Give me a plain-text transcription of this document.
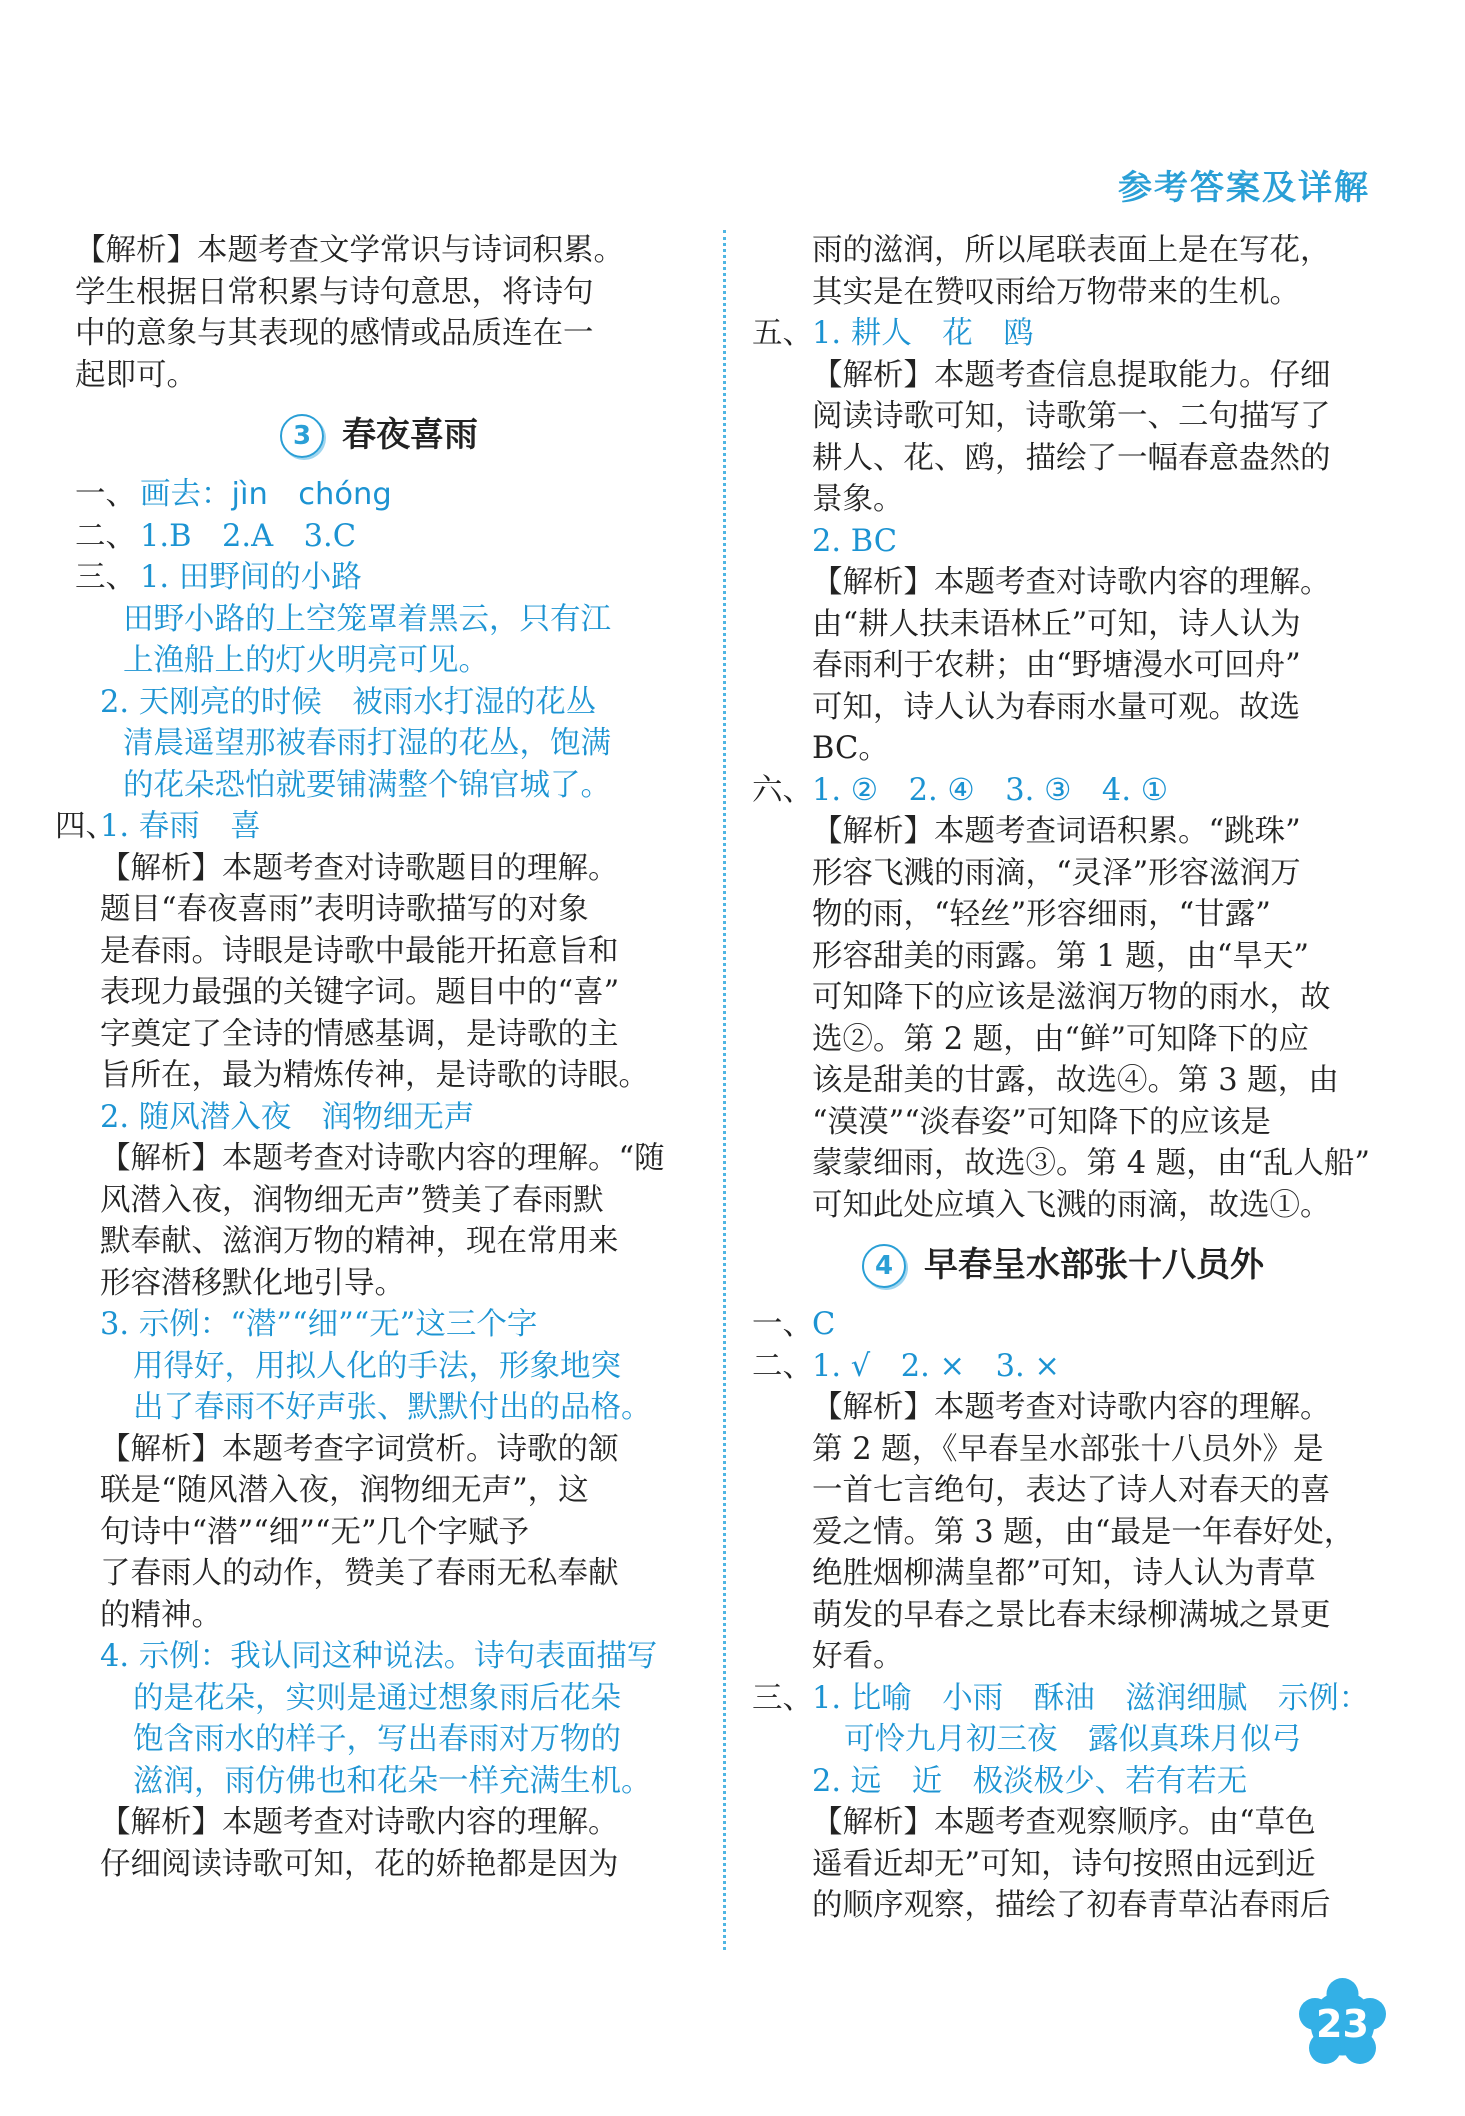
参考答案及详解

【解析】本题考查文学常识与诗词积累。

学生根据日常积累与诗句意思，将诗句

中的意象与其表现的感情或品质连在一

起即可。

3 春夜喜雨
一、 画去：jìn　chóng
二、 1.B　2.A　3.C
三、 1. 田野间的小路

田野小路的上空笼罩着黑云，只有江

上渔船上的灯火明亮可见。

2. 天刚亮的时候　被雨水打湿的花丛

清晨遥望那被春雨打湿的花丛，饱满

的花朵恐怕就要铺满整个锦官城了。

四、
1. 春雨　喜

【解析】本题考查对诗歌题目的理解。

题目“春夜喜雨”表明诗歌描写的对象

是春雨。诗眼是诗歌中最能开拓意旨和

表现力最强的关键字词。题目中的“喜”

字奠定了全诗的情感基调，是诗歌的主

旨所在，最为精炼传神，是诗歌的诗眼。

2. 随风潜入夜　润物细无声

【解析】本题考查对诗歌内容的理解。“随

风潜入夜，润物细无声”赞美了春雨默

默奉献、滋润万物的精神，现在常用来

形容潜移默化地引导。

3. 示例：“潜”“细”“无”这三个字

用得好，用拟人化的手法，形象地突

出了春雨不好声张、默默付出的品格。

【解析】本题考查字词赏析。诗歌的颔

联是“随风潜入夜，润物细无声”，这

句诗中“潜”“细”“无”几个字赋予

了春雨人的动作，赞美了春雨无私奉献

的精神。

4. 示例：我认同这种说法。诗句表面描写

的是花朵，实则是通过想象雨后花朵

饱含雨水的样子，写出春雨对万物的

滋润，雨仿佛也和花朵一样充满生机。

【解析】本题考查对诗歌内容的理解。

仔细阅读诗歌可知，花的娇艳都是因为

雨的滋润，所以尾联表面上是在写花，

其实是在赞叹雨给万物带来的生机。

五、 1. 耕人　花　鸥

【解析】本题考查信息提取能力。仔细

阅读诗歌可知，诗歌第一、二句描写了

耕人、花、鸥，描绘了一幅春意盎然的

景象。

2. BC

【解析】本题考查对诗歌内容的理解。

由“耕人扶耒语林丘”可知，诗人认为

春雨利于农耕；由“野塘漫水可回舟”

可知，诗人认为春雨水量可观。故选

BC。

六、 1. ②　2. ④　3. ③　4. ①

【解析】本题考查词语积累。“跳珠”

形容飞溅的雨滴，“灵泽”形容滋润万

物的雨，“轻丝”形容细雨，“甘露”

形容甜美的雨露。第 1 题，由“旱天”

可知降下的应该是滋润万物的雨水，故

选②。第 2 题，由“鲜”可知降下的应

该是甜美的甘露，故选④。第 3 题，由

“漠漠”“淡春姿”可知降下的应该是

蒙蒙细雨，故选③。第 4 题，由“乱人船”

可知此处应填入飞溅的雨滴，故选①。

4 早春呈水部张十八员外
一、 C
二、 1. √　2. ×　3. ×

【解析】本题考查对诗歌内容的理解。

第 2 题，《早春呈水部张十八员外》是

一首七言绝句，表达了诗人对春天的喜

爱之情。第 3 题，由“最是一年春好处，

绝胜烟柳满皇都”可知，诗人认为青草

萌发的早春之景比春末绿柳满城之景更

好看。

三、 1. 比喻　小雨　酥油　滋润细腻　示例：

可怜九月初三夜　露似真珠月似弓

2. 远　近　极淡极少、若有若无

【解析】本题考查观察顺序。由“草色

遥看近却无”可知，诗句按照由远到近

的顺序观察，描绘了初春青草沾春雨后

23
